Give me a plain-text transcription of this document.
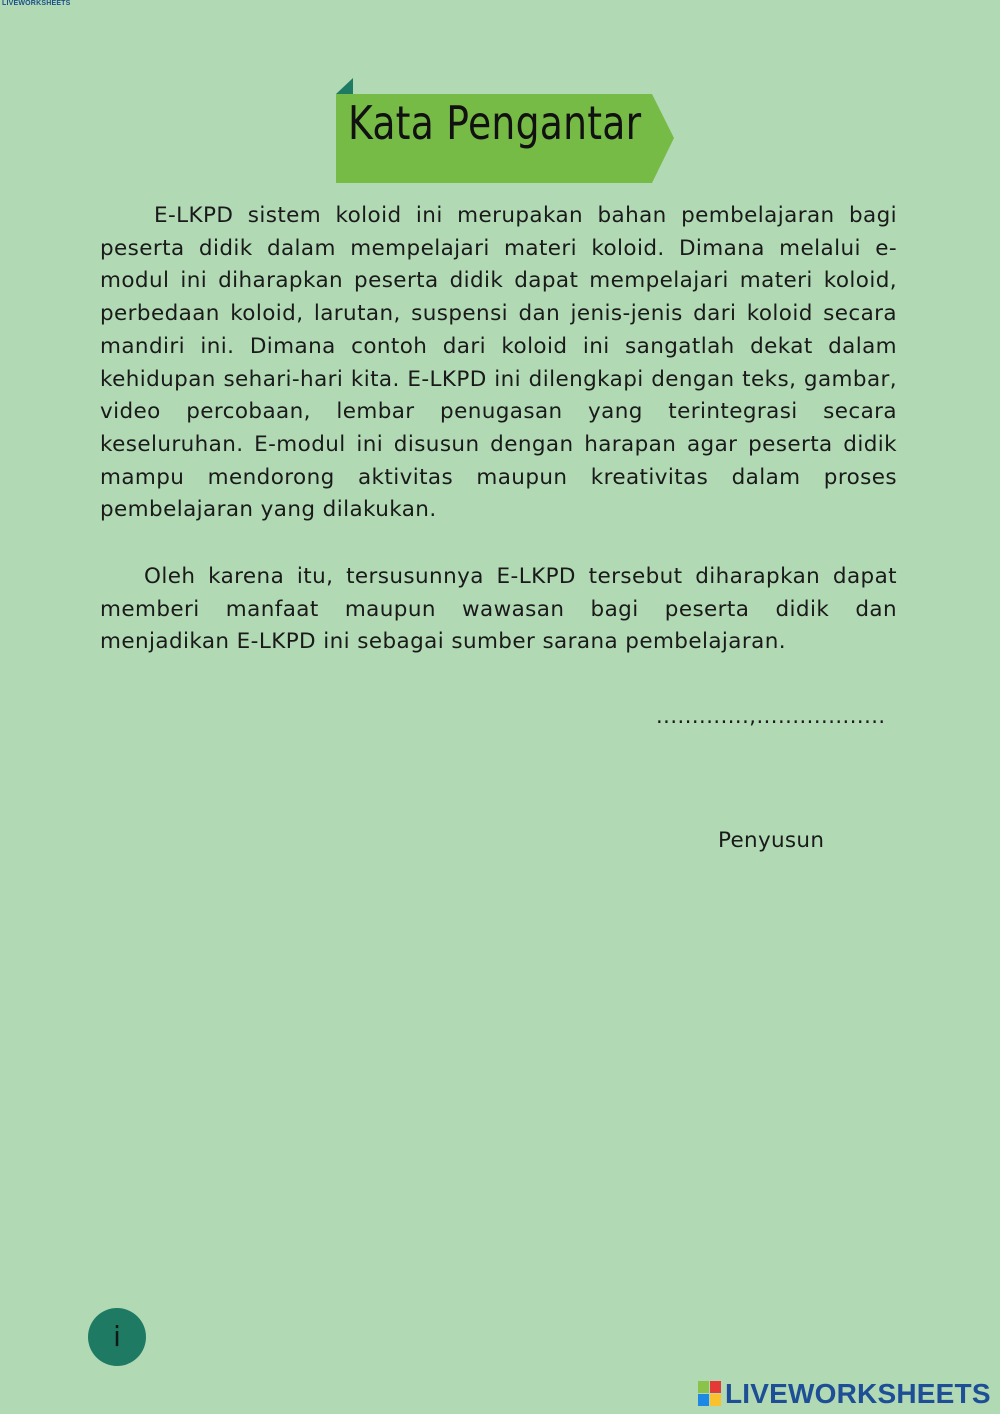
LIVEWORKSHEETS
Kata Pengantar

E-LKPD sistem koloid ini merupakan bahan pembelajaran bagi peserta didik dalam mempelajari materi koloid. Dimana melalui e-modul ini diharapkan peserta didik dapat mempelajari materi koloid, perbedaan koloid, larutan, suspensi dan jenis-jenis dari koloid secara mandiri ini. Dimana contoh dari koloid ini sangatlah dekat dalam kehidupan sehari-hari kita. E-LKPD ini dilengkapi dengan teks, gambar, video percobaan, lembar penugasan yang terintegrasi secara keseluruhan. E-modul ini disusun dengan harapan agar peserta didik mampu mendorong aktivitas maupun kreativitas dalam proses pembelajaran yang dilakukan.

Oleh karena itu, tersusunnya E-LKPD tersebut diharapkan dapat memberi manfaat maupun wawasan bagi peserta didik dan menjadikan E-LKPD ini sebagai sumber sarana pembelajaran.

.............,..................
Penyusun
i
LIVEWORKSHEETS
